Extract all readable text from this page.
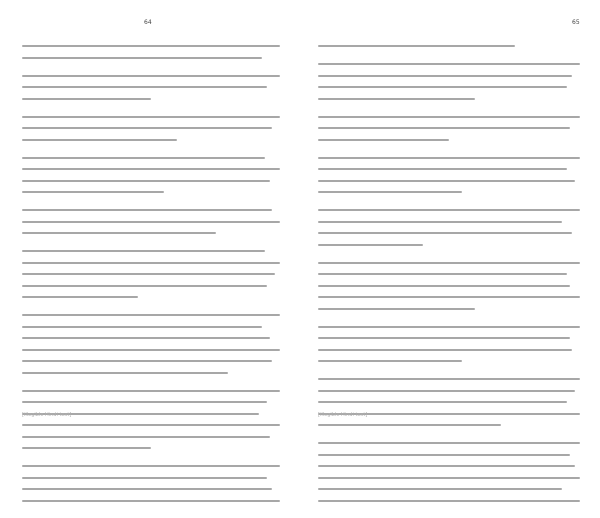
64
[illegible Hindi text]
65
[illegible Hindi text]
